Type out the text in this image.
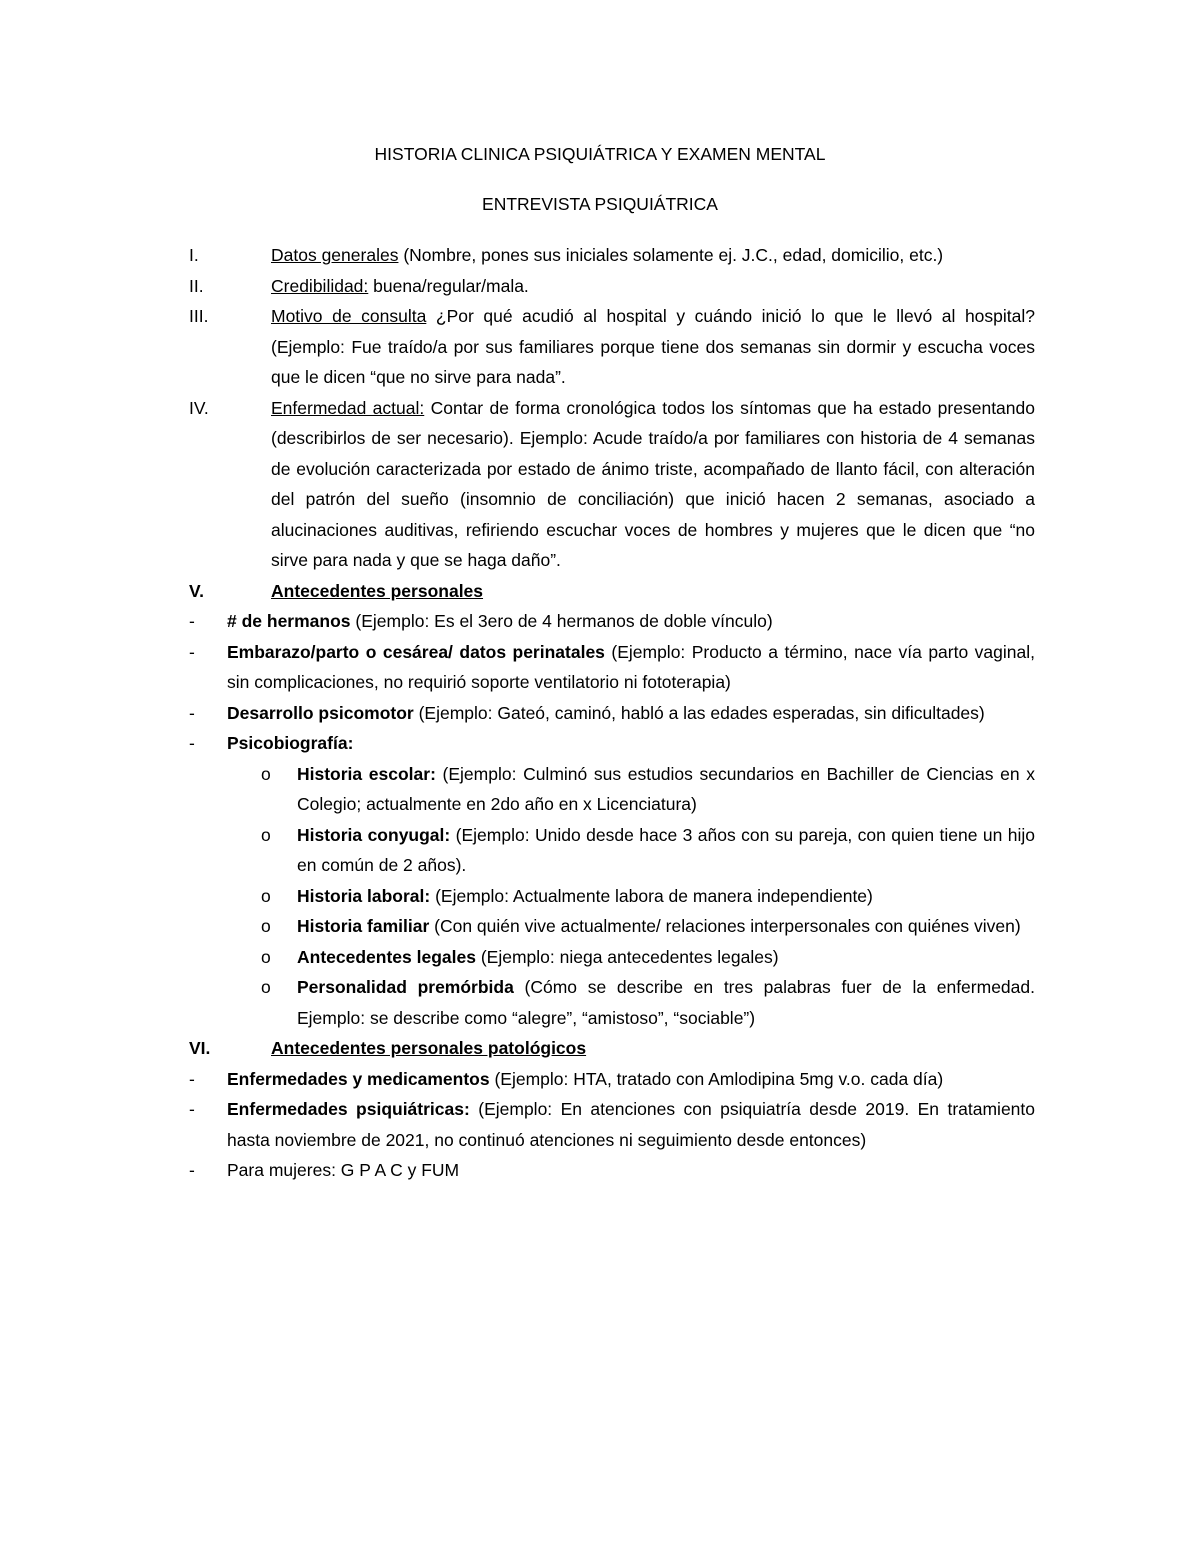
HISTORIA CLINICA PSIQUIÁTRICA Y EXAMEN MENTAL
ENTREVISTA PSIQUIÁTRICA
I.	Datos generales (Nombre, pones sus iniciales solamente ej. J.C., edad, domicilio, etc.)
II.	Credibilidad: buena/regular/mala.
III.	Motivo de consulta ¿Por qué acudió al hospital y cuándo inició lo que le llevó al hospital? (Ejemplo: Fue traído/a por sus familiares porque tiene dos semanas sin dormir y escucha voces que le dicen “que no sirve para nada”.
IV.	Enfermedad actual: Contar de forma cronológica todos los síntomas que ha estado presentando (describirlos de ser necesario). Ejemplo: Acude traído/a por familiares con historia de 4 semanas de evolución caracterizada por estado de ánimo triste, acompañado de llanto fácil, con alteración del patrón del sueño (insomnio de conciliación) que inició hacen 2 semanas, asociado a alucinaciones auditivas, refiriendo escuchar voces de hombres y mujeres que le dicen que “no sirve para nada y que se haga daño”.
V.	Antecedentes personales
- # de hermanos (Ejemplo: Es el 3ero de 4 hermanos de doble vínculo)
- Embarazo/parto o cesárea/ datos perinatales (Ejemplo: Producto a término, nace vía parto vaginal, sin complicaciones, no requirió soporte ventilatorio ni fototerapia)
- Desarrollo psicomotor (Ejemplo: Gateó, caminó, habló a las edades esperadas, sin dificultades)
- Psicobiografía:
o Historia escolar: (Ejemplo: Culminó sus estudios secundarios en Bachiller de Ciencias en x Colegio; actualmente en 2do año en x Licenciatura)
o Historia conyugal: (Ejemplo: Unido desde hace 3 años con su pareja, con quien tiene un hijo en común de 2 años).
o Historia laboral: (Ejemplo: Actualmente labora de manera independiente)
o Historia familiar (Con quién vive actualmente/ relaciones interpersonales con quiénes viven)
o Antecedentes legales (Ejemplo: niega antecedentes legales)
o Personalidad premórbida (Cómo se describe en tres palabras fuer de la enfermedad. Ejemplo: se describe como “alegre”, “amistoso”, “sociable”)
VI.	Antecedentes personales patológicos
- Enfermedades y medicamentos (Ejemplo: HTA, tratado con Amlodipina 5mg v.o. cada día)
- Enfermedades psiquiátricas: (Ejemplo: En atenciones con psiquiatría desde 2019. En tratamiento hasta noviembre de 2021, no continuó atenciones ni seguimiento desde entonces)
- Para mujeres: G P A C y FUM
